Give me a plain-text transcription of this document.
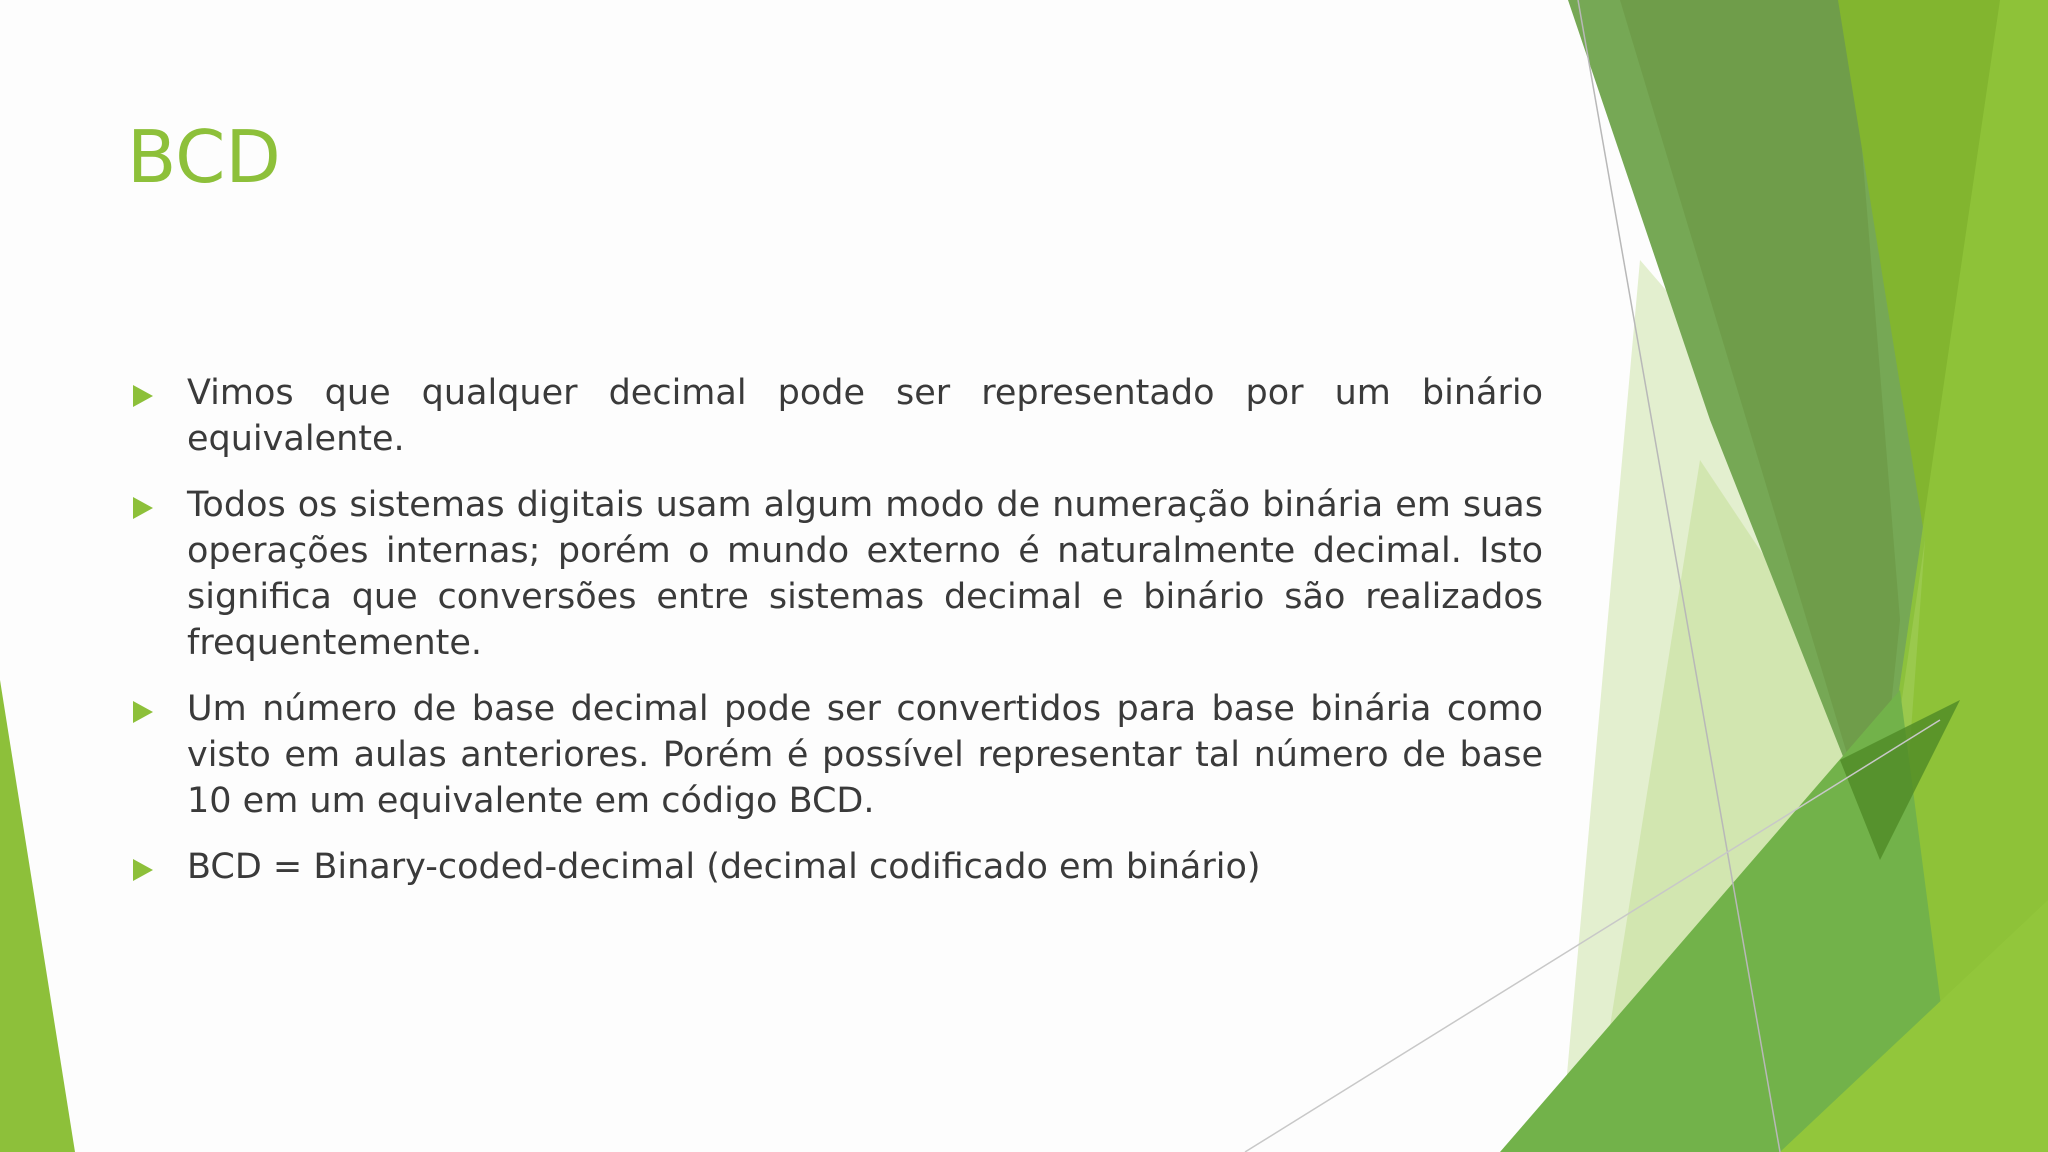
BCD
Vimos que qualquer decimal pode ser representado por um binário equivalente.
Todos os sistemas digitais usam algum modo de numeração binária em suas operações internas; porém o mundo externo é naturalmente decimal. Isto significa que conversões entre sistemas decimal e binário são realizados frequentemente.
Um número de base decimal pode ser convertidos para base binária como visto em aulas anteriores. Porém é possível representar tal número de base 10 em um equivalente em código BCD.
BCD = Binary-coded-decimal (decimal codificado em binário)
